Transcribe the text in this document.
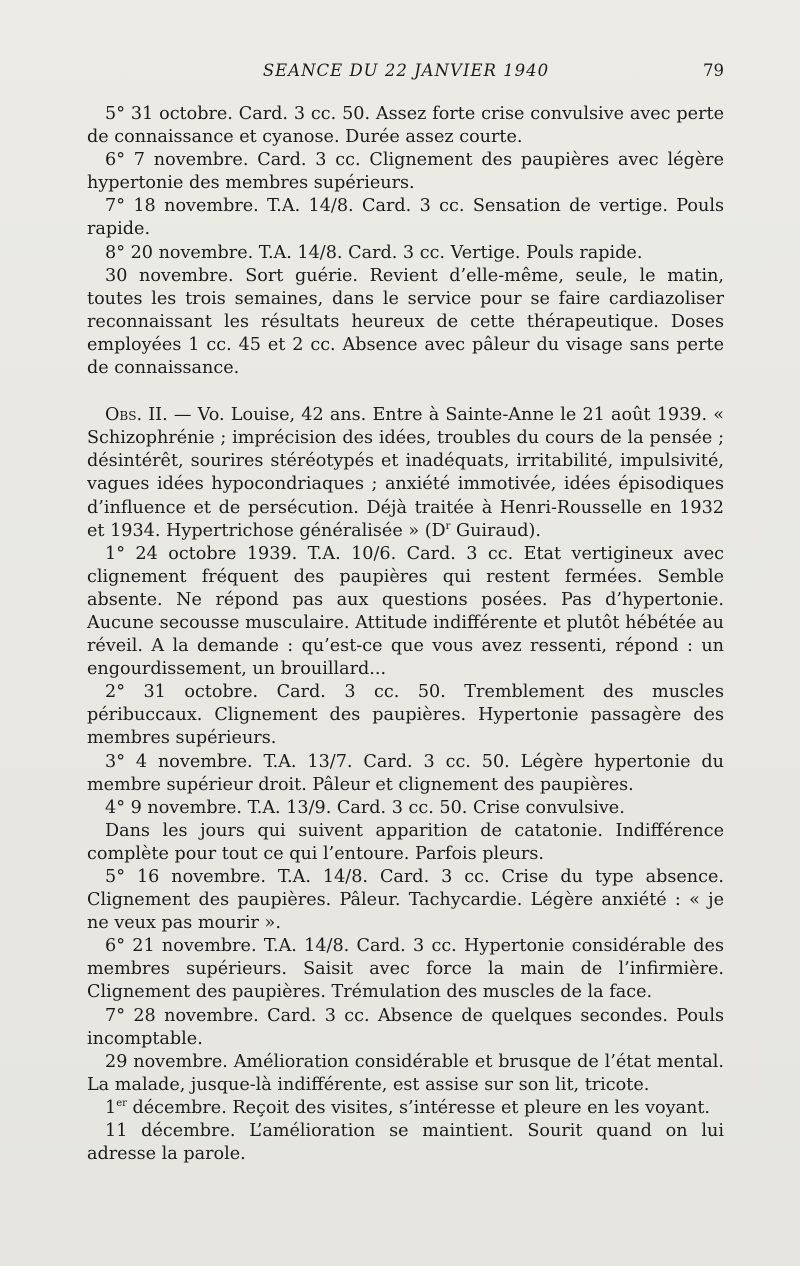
SEANCE DU 22 JANVIER 1940	79

5° 31 octobre. Card. 3 cc. 50. Assez forte crise convulsive avec perte de connaissance et cyanose. Durée assez courte.

6° 7 novembre. Card. 3 cc. Clignement des paupières avec légère hypertonie des membres supérieurs.

7° 18 novembre. T.A. 14/8. Card. 3 cc. Sensation de vertige. Pouls rapide.

8° 20 novembre. T.A. 14/8. Card. 3 cc. Vertige. Pouls rapide.

30 novembre. Sort guérie. Revient d’elle-même, seule, le matin, toutes les trois semaines, dans le service pour se faire cardiazoliser reconnaissant les résultats heureux de cette thérapeutique. Doses employées 1 cc. 45 et 2 cc. Absence avec pâleur du visage sans perte de connaissance.

Obs. II. — Vo. Louise, 42 ans. Entre à Sainte-Anne le 21 août 1939. « Schizophrénie ; imprécision des idées, troubles du cours de la pensée ; désintérêt, sourires stéréotypés et inadéquats, irritabilité, impulsivité, vagues idées hypocondriaques ; anxiété immotivée, idées épisodiques d’influence et de persécution. Déjà traitée à Henri-Rousselle en 1932 et 1934. Hypertrichose généralisée » ($D^r$ Guiraud).

1° 24 octobre 1939. T.A. 10/6. Card. 3 cc. Etat vertigineux avec clignement fréquent des paupières qui restent fermées. Semble absente. Ne répond pas aux questions posées. Pas d’hypertonie. Aucune secousse musculaire. Attitude indifférente et plutôt hébétée au réveil. A la demande : qu’est-ce que vous avez ressenti, répond : un engourdissement, un brouillard...

2° 31 octobre. Card. 3 cc. 50. Tremblement des muscles péribuccaux. Clignement des paupières. Hypertonie passagère des membres supérieurs.

3° 4 novembre. T.A. 13/7. Card. 3 cc. 50. Légère hypertonie du membre supérieur droit. Pâleur et clignement des paupières.

4° 9 novembre. T.A. 13/9. Card. 3 cc. 50. Crise convulsive.

Dans les jours qui suivent apparition de catatonie. Indifférence complète pour tout ce qui l’entoure. Parfois pleurs.

5° 16 novembre. T.A. 14/8. Card. 3 cc. Crise du type absence. Clignement des paupières. Pâleur. Tachycardie. Légère anxiété : « je ne veux pas mourir ».

6° 21 novembre. T.A. 14/8. Card. 3 cc. Hypertonie considérable des membres supérieurs. Saisit avec force la main de l’infirmière. Clignement des paupières. Trémulation des muscles de la face.

7° 28 novembre. Card. 3 cc. Absence de quelques secondes. Pouls incomptable.

29 novembre. Amélioration considérable et brusque de l’état mental. La malade, jusque-là indifférente, est assise sur son lit, tricote.

1er décembre. Reçoit des visites, s’intéresse et pleure en les voyant.

11 décembre. L’amélioration se maintient. Sourit quand on lui adresse la parole.
